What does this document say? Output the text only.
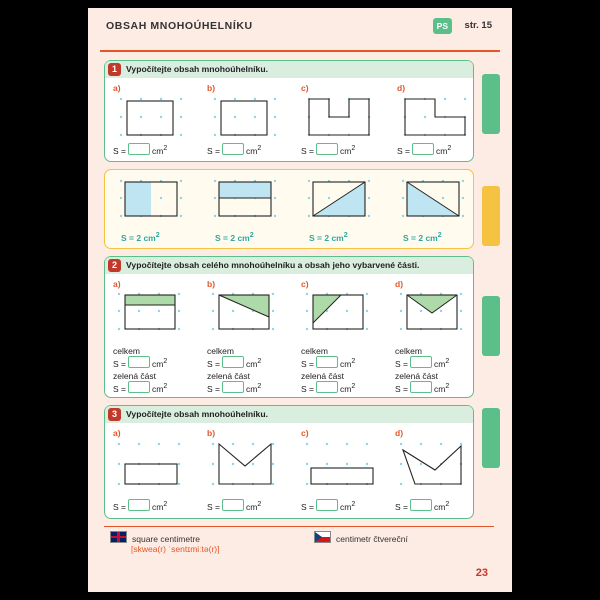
OBSAH MNOHOÚHELNÍKU	PS	str. 15
1	Vypočítejte obsah mnohoúhelníku.
a)
S =	$cm^2$
b)
S =	$cm^2$
c)
S =	$cm^2$
d)
S =	$cm^2$
S = 2 $cm^2$	S = 2 $cm^2$	S = 2 $cm^2$	S = 2 $cm^2$
2	Vypočítejte obsah celého mnohoúhelníku a obsah jeho vybarvené části.
a)
celkem
S =	$cm^2$
zelená část
S =	$cm^2$
b)
celkem
S =	$cm^2$
zelená část
S =	$cm^2$
c)
celkem
S =	$cm^2$
zelená část
S =	$cm^2$
d)
celkem
S =	$cm^2$
zelená část
S =	$cm^2$
3	Vypočítejte obsah mnohoúhelníku.
a)
S =	$cm^2$
b)
S =	$cm^2$
c)
S =	$cm^2$
d)
S =	$cm^2$
square centimetre
[skwea(r) ˈsentɪmiːtə(r)]
centimetr čtvereční
23
